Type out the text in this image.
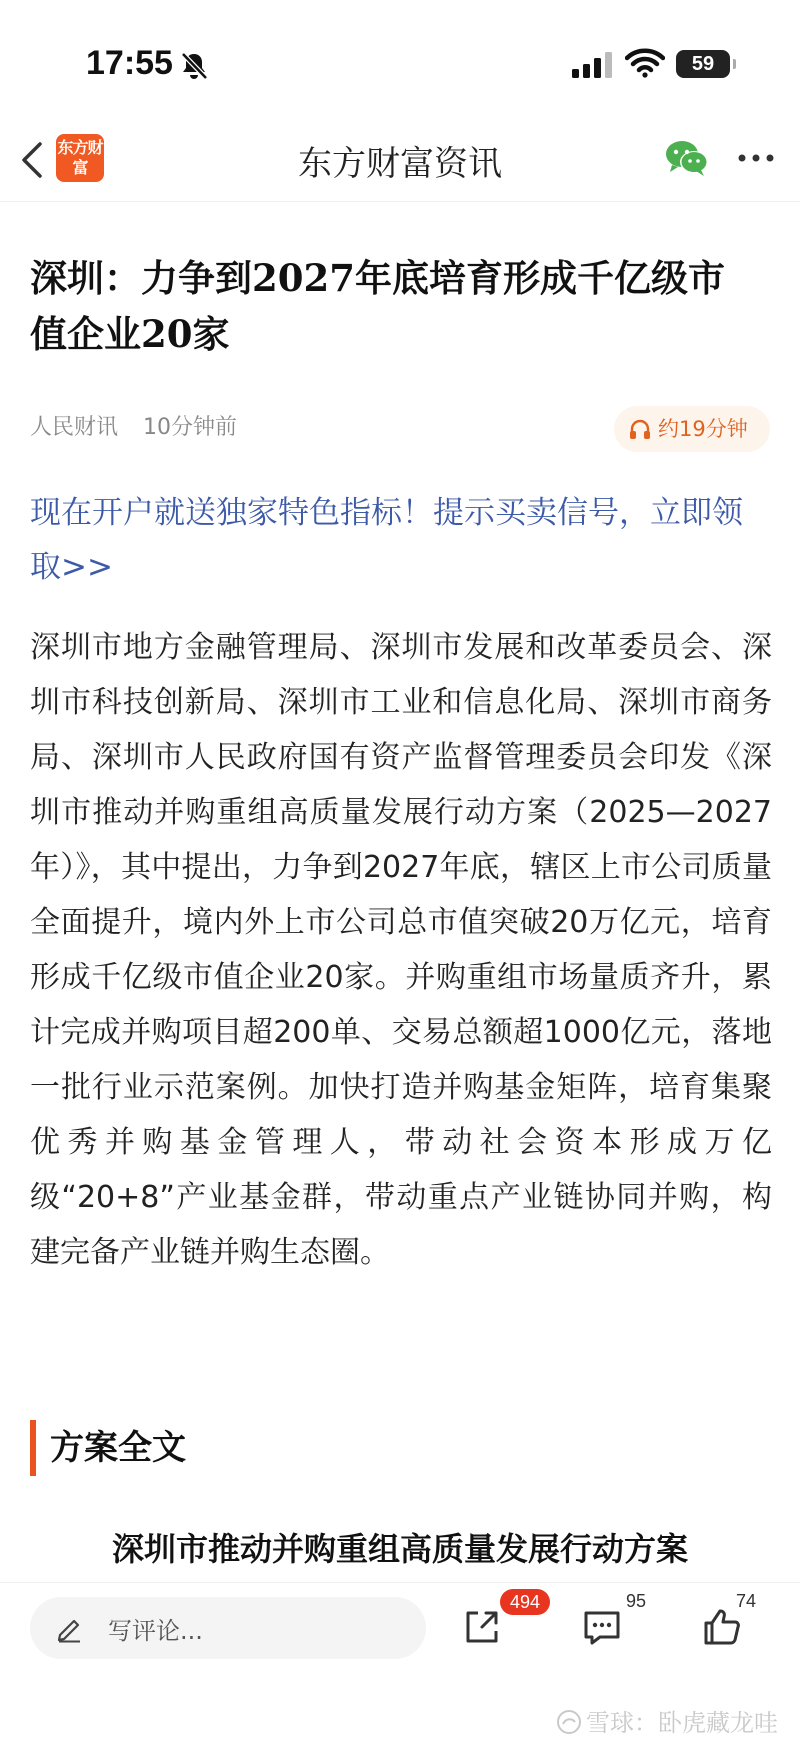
17:55	59
东方财富	东方财富资讯
深圳：力争到2027年底培育形成千亿级市值企业20家
人民财讯 10分钟前	约19分钟
现在开户就送独家特色指标！提示买卖信号，立即领取>>

深圳市地方金融管理局、深圳市发展和改革委员会、深圳市科技创新局、深圳市工业和信息化局、深圳市商务局、深圳市人民政府国有资产监督管理委员会印发《深圳市推动并购重组高质量发展行动方案（2025—2027年）》，其中提出，力争到2027年底，辖区上市公司质量全面提升，境内外上市公司总市值突破20万亿元，培育形成千亿级市值企业20家。并购重组市场量质齐升，累计完成并购项目超200单、交易总额超1000亿元，落地一批行业示范案例。加快打造并购基金矩阵，培育集聚优秀并购基金管理人，带动社会资本形成万亿级“20+8”产业基金群，带动重点产业链协同并购，构建完备产业链并购生态圈。

方案全文
深圳市推动并购重组高质量发展行动方案
写评论...
494	95	74
雪球：卧虎藏龙哇
